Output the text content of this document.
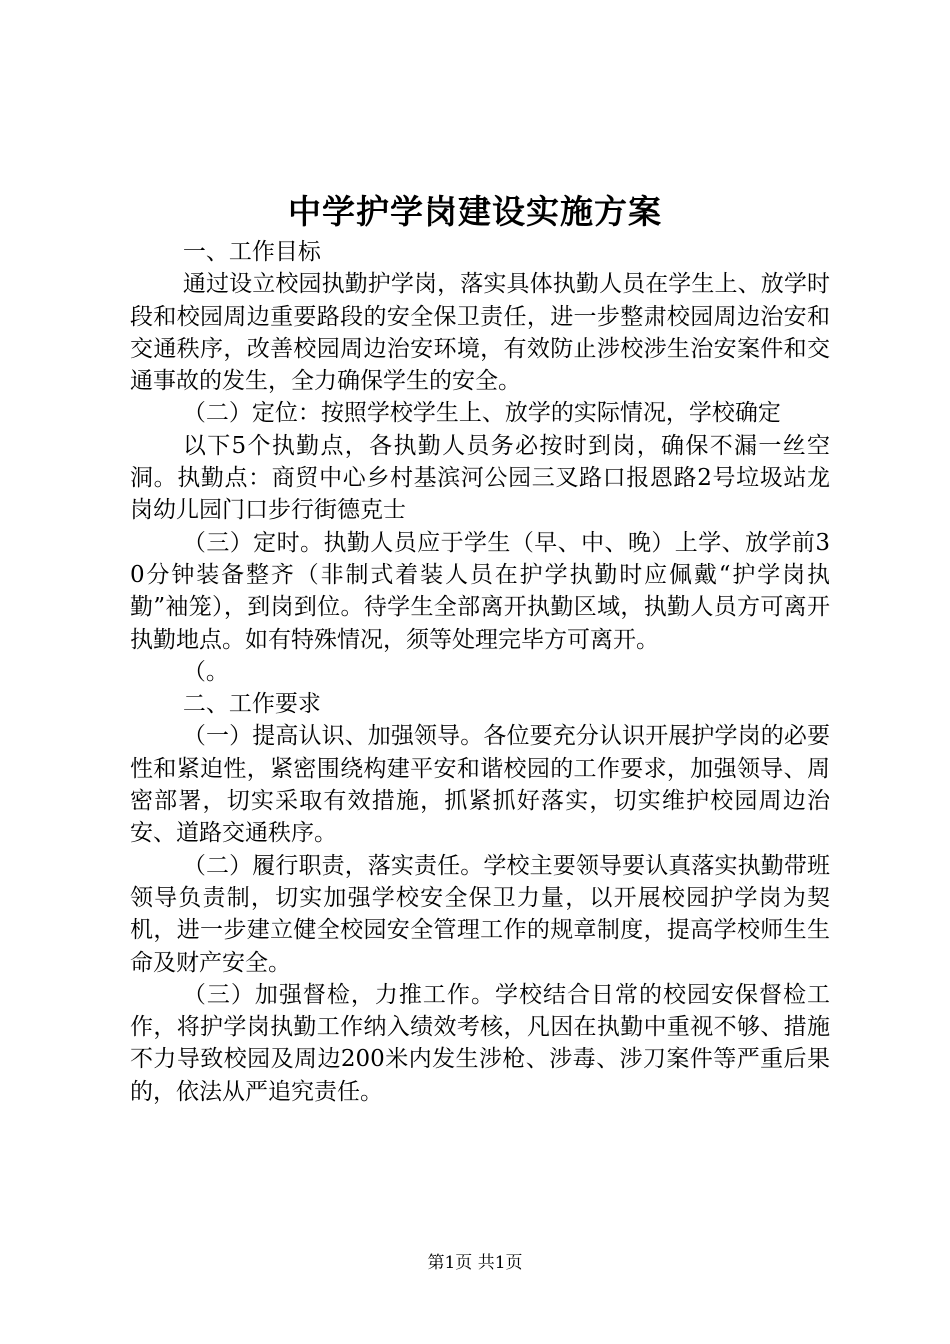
中学护学岗建设实施方案

一、工作目标

通过设立校园执勤护学岗，落实具体执勤人员在学生上、放学时段和校园周边重要路段的安全保卫责任，进一步整肃校园周边治安和交通秩序，改善校园周边治安环境，有效防止涉校涉生治安案件和交通事故的发生，全力确保学生的安全。

（二）定位：按照学校学生上、放学的实际情况，学校确定

以下5个执勤点，各执勤人员务必按时到岗，确保不漏一丝空洞。执勤点：商贸中心乡村基滨河公园三叉路口报恩路2号垃圾站龙岗幼儿园门口步行街德克士

（三）定时。执勤人员应于学生（早、中、晚）上学、放学前30分钟装备整齐（非制式着装人员在护学执勤时应佩戴“护学岗执勤”袖笼），到岗到位。待学生全部离开执勤区域，执勤人员方可离开执勤地点。如有特殊情况，须等处理完毕方可离开。

（。

二、工作要求

（一）提高认识、加强领导。各位要充分认识开展护学岗的必要性和紧迫性，紧密围绕构建平安和谐校园的工作要求，加强领导、周密部署，切实采取有效措施，抓紧抓好落实，切实维护校园周边治安、道路交通秩序。

（二）履行职责，落实责任。学校主要领导要认真落实执勤带班领导负责制，切实加强学校安全保卫力量，以开展校园护学岗为契机，进一步建立健全校园安全管理工作的规章制度，提高学校师生生命及财产安全。

（三）加强督检，力推工作。学校结合日常的校园安保督检工作，将护学岗执勤工作纳入绩效考核，凡因在执勤中重视不够、措施不力导致校园及周边200米内发生涉枪、涉毒、涉刀案件等严重后果的，依法从严追究责任。

第1页 共1页
